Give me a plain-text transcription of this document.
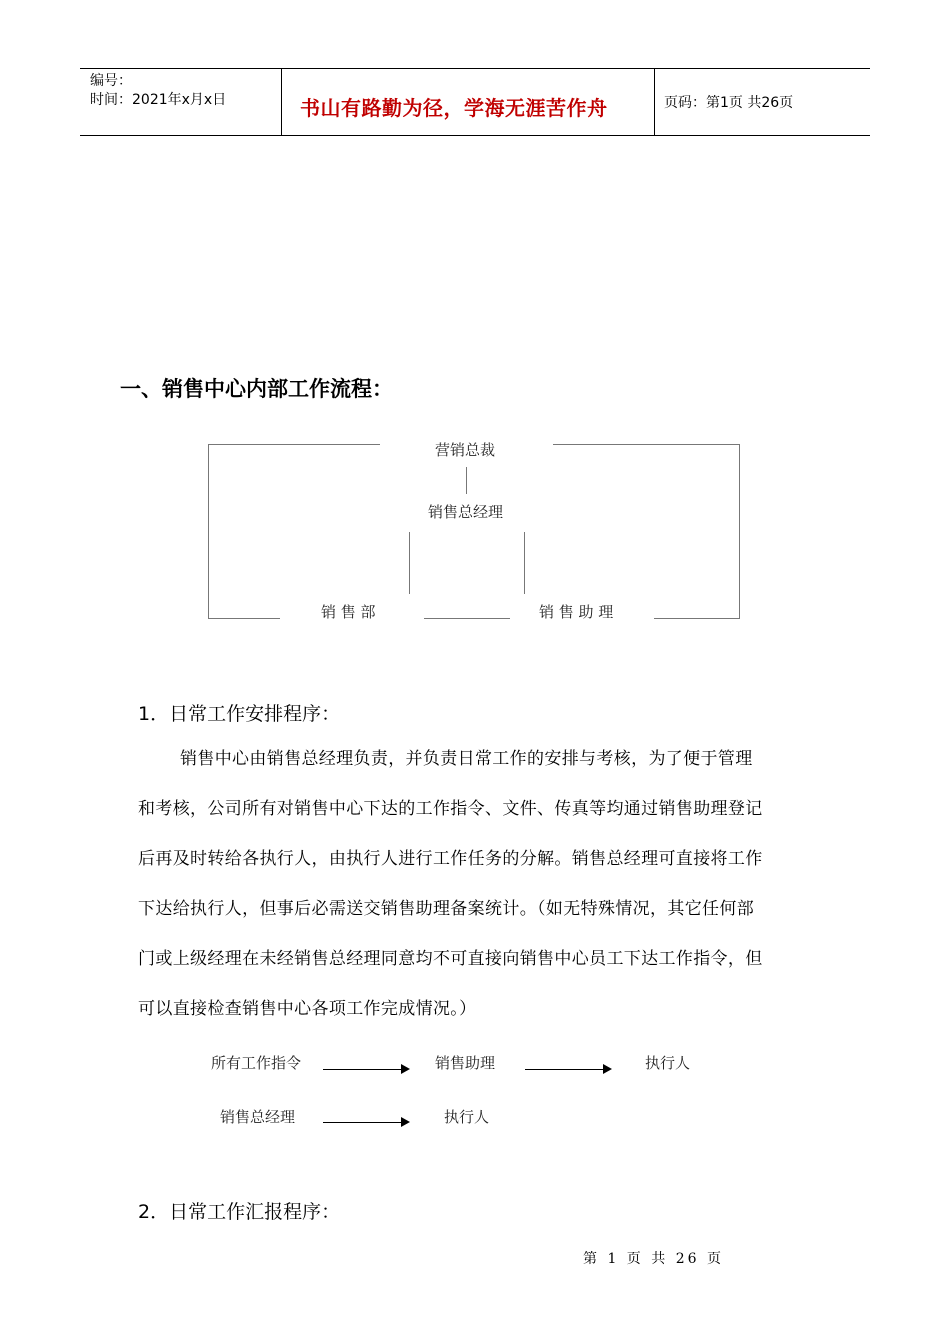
编号：
时间：2021年x月x日	书山有路勤为径，学海无涯苦作舟	页码：第1页 共26页
一、销售中心内部工作流程：
营销总裁
销售总经理
销 售 部	销 售 助 理
1．日常工作安排程序：

销售中心由销售总经理负责，并负责日常工作的安排与考核，为了便于管理

和考核，公司所有对销售中心下达的工作指令、文件、传真等均通过销售助理登记

后再及时转给各执行人，由执行人进行工作任务的分解。销售总经理可直接将工作

下达给执行人，但事后必需送交销售助理备案统计。（如无特殊情况，其它任何部

门或上级经理在未经销售总经理同意均不可直接向销售中心员工下达工作指令，但

可以直接检查销售中心各项工作完成情况。）

所有工作指令	销售助理	执行人
销售总经理	执行人
2．日常工作汇报程序：
第 1 页 共 26 页
